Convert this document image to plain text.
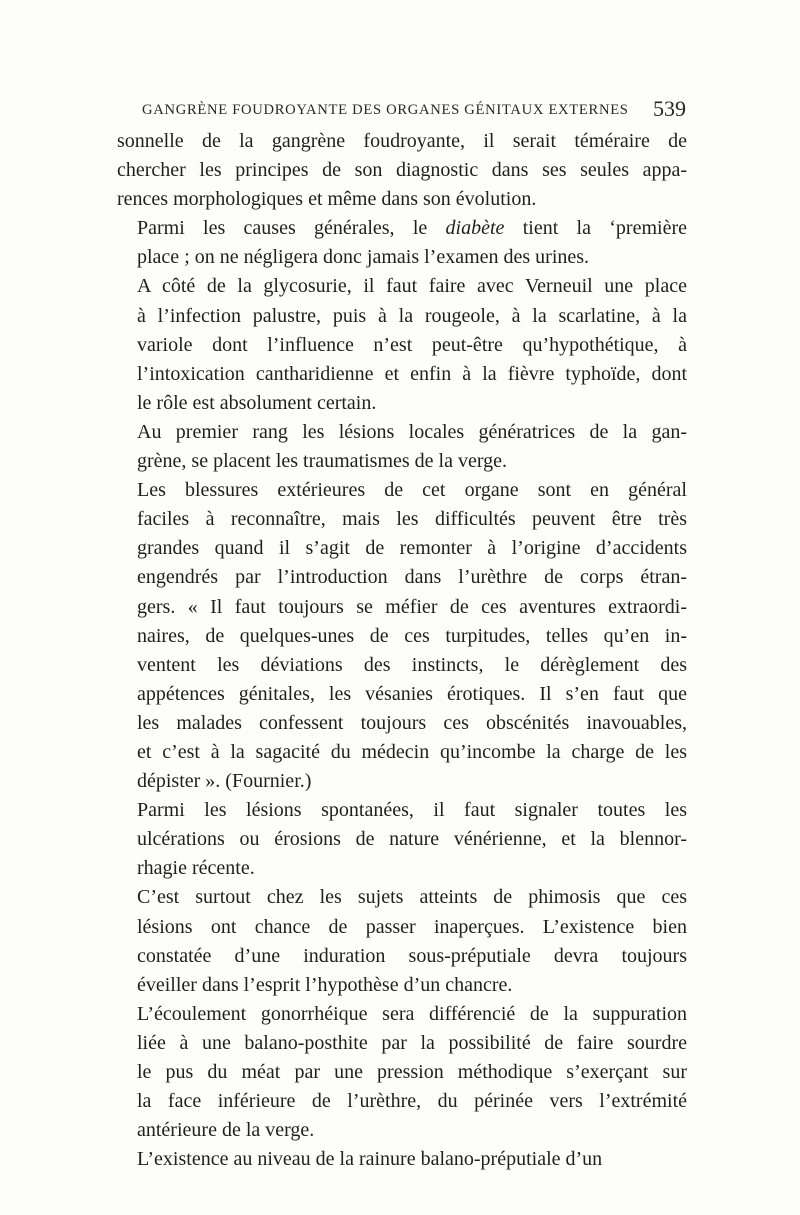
GANGRÈNE FOUDROYANTE DES ORGANES GÉNITAUX EXTERNES 539
sonnelle de la gangrène foudroyante, il serait téméraire de
chercher les principes de son diagnostic dans ses seules appa-
rences morphologiques et même dans son évolution.
Parmi les causes générales, le diabète tient la ‘première
place ; on ne négligera donc jamais l’examen des urines.
A côté de la glycosurie, il faut faire avec Verneuil une place
à l’infection palustre, puis à la rougeole, à la scarlatine, à la
variole dont l’influence n’est peut-être qu’hypothétique, à
l’intoxication cantharidienne et enfin à la fièvre typhoïde, dont
le rôle est absolument certain.
Au premier rang les lésions locales génératrices de la gan-
grène, se placent les traumatismes de la verge.
Les blessures extérieures de cet organe sont en général
faciles à reconnaître, mais les difficultés peuvent être très
grandes quand il s’agit de remonter à l’origine d’accidents
engendrés par l’introduction dans l’urèthre de corps étran-
gers. « Il faut toujours se méfier de ces aventures extraordi-
naires, de quelques-unes de ces turpitudes, telles qu’en in-
ventent les déviations des instincts, le dérèglement des
appétences génitales, les vésanies érotiques. Il s’en faut que
les malades confessent toujours ces obscénités inavouables,
et c’est à la sagacité du médecin qu’incombe la charge de les
dépister ». (Fournier.)
Parmi les lésions spontanées, il faut signaler toutes les
ulcérations ou érosions de nature vénérienne, et la blennor-
rhagie récente.
C’est surtout chez les sujets atteints de phimosis que ces
lésions ont chance de passer inaperçues. L’existence bien
constatée d’une induration sous-préputiale devra toujours
éveiller dans l’esprit l’hypothèse d’un chancre.
L’écoulement gonorrhéique sera différencié de la suppuration
liée à une balano-posthite par la possibilité de faire sourdre
le pus du méat par une pression méthodique s’exerçant sur
la face inférieure de l’urèthre, du périnée vers l’extrémité
antérieure de la verge.
L’existence au niveau de la rainure balano-préputiale d’un
